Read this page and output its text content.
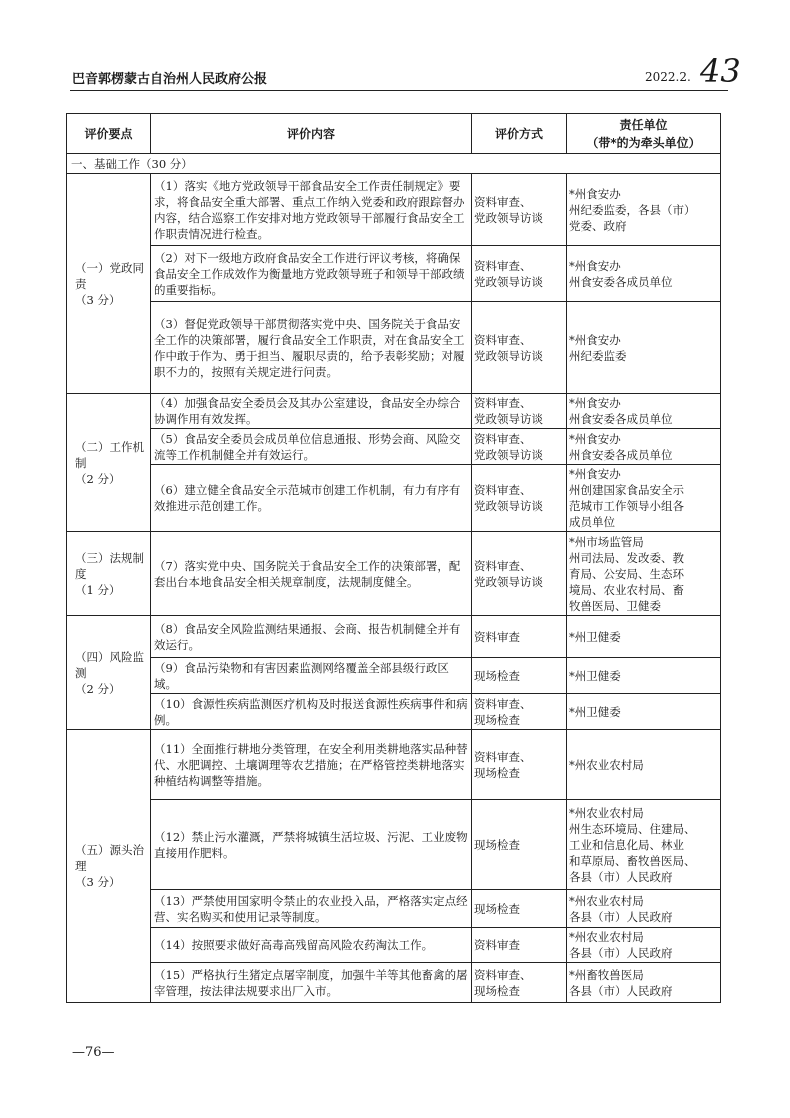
巴音郭楞蒙古自治州人民政府公报	2022.2. 43
评价要点	评价内容	评价方式	责任单位
（带*的为牵头单位）

一、基础工作（30 分）			

（一）党政同
责
（3 分）	（1）落实《地方党政领导干部食品安全工作责任制规定》要求，将食品安全重大部署、重点工作纳入党委和政府跟踪督办内容，结合巡察工作安排对地方党政领导干部履行食品安全工作职责情况进行检查。	资料审查、
党政领导访谈	*州食安办
州纪委监委，各县（市）
党委、政府

	（2）对下一级地方政府食品安全工作进行评议考核，将确保食品安全工作成效作为衡量地方党政领导班子和领导干部政绩的重要指标。	资料审查、
党政领导访谈	*州食安办
州食安委各成员单位

	（3）督促党政领导干部贯彻落实党中央、国务院关于食品安全工作的决策部署，履行食品安全工作职责，对在食品安全工作中敢于作为、勇于担当、履职尽责的，给予表彰奖励；对履职不力的，按照有关规定进行问责。	资料审查、
党政领导访谈	*州食安办
州纪委监委

（二）工作机
制
（2 分）	（4）加强食品安全委员会及其办公室建设，食品安全办综合协调作用有效发挥。	资料审查、
党政领导访谈	*州食安办
州食安委各成员单位

	（5）食品安全委员会成员单位信息通报、形势会商、风险交流等工作机制健全并有效运行。	资料审查、
党政领导访谈	*州食安办
州食安委各成员单位

	（6）建立健全食品安全示范城市创建工作机制，有力有序有效推进示范创建工作。	资料审查、
党政领导访谈	*州食安办
州创建国家食品安全示
范城市工作领导小组各
成员单位

（三）法规制
度
（1 分）	（7）落实党中央、国务院关于食品安全工作的决策部署，配套出台本地食品安全相关规章制度，法规制度健全。	资料审查、
党政领导访谈	*州市场监管局
州司法局、发改委、教
育局、公安局、生态环
境局、农业农村局、畜
牧兽医局、卫健委

（四）风险监
测
（2 分）	（8）食品安全风险监测结果通报、会商、报告机制健全并有效运行。	资料审查	*州卫健委

	（9）食品污染物和有害因素监测网络覆盖全部县级行政区域。	现场检查	*州卫健委

	（10）食源性疾病监测医疗机构及时报送食源性疾病事件和病例。	资料审查、
现场检查	*州卫健委

（五）源头治
理
（3 分）	（11）全面推行耕地分类管理，在安全利用类耕地落实品种替代、水肥调控、土壤调理等农艺措施；在严格管控类耕地落实种植结构调整等措施。	资料审查、
现场检查	*州农业农村局

	（12）禁止污水灌溉，严禁将城镇生活垃圾、污泥、工业废物直接用作肥料。	现场检查	*州农业农村局
州生态环境局、住建局、
工业和信息化局、林业
和草原局、畜牧兽医局、
各县（市）人民政府

	（13）严禁使用国家明令禁止的农业投入品，严格落实定点经营、实名购买和使用记录等制度。	现场检查	*州农业农村局
各县（市）人民政府

	（14）按照要求做好高毒高残留高风险农药淘汰工作。	资料审查	*州农业农村局
各县（市）人民政府

	（15）严格执行生猪定点屠宰制度，加强牛羊等其他畜禽的屠宰管理，按法律法规要求出厂入市。	资料审查、
现场检查	*州畜牧兽医局
各县（市）人民政府
—76—
